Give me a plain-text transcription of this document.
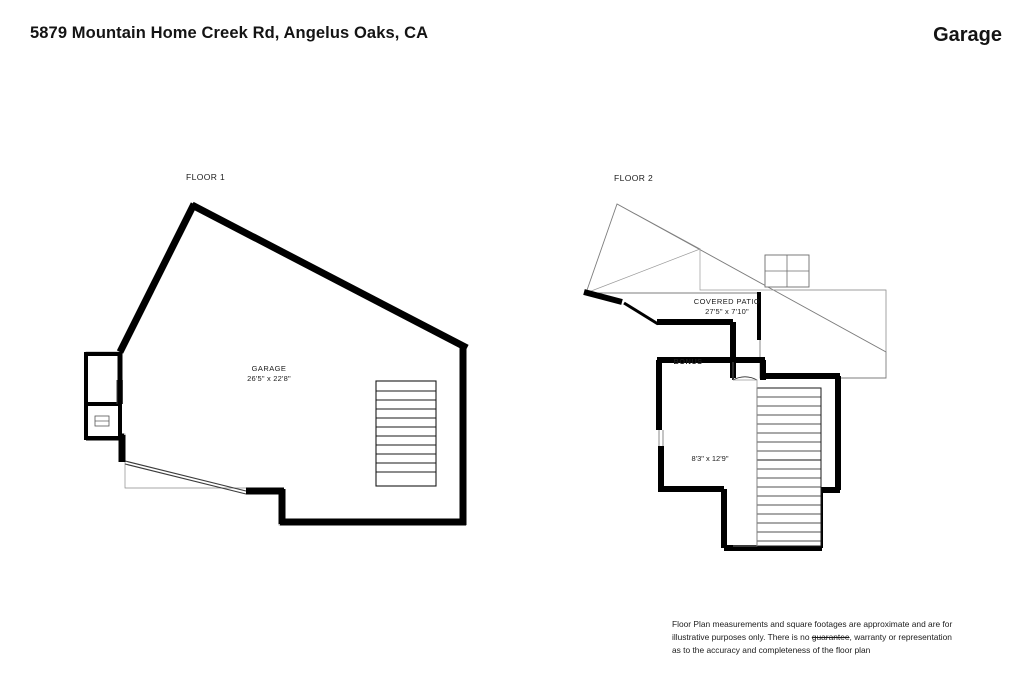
5879 Mountain Home Creek Rd, Angelus Oaks, CA	Garage
FLOOR 1	FLOOR 2
GARAGE
26'5" x 22'8"
COVERED PATIO
27'5" x 7'10"
BONUS
8'3" x 12'9"
Floor Plan measurements and square footages are approximate and are for
illustrative purposes only. There is no guarantee, warranty or representation
as to the accuracy and completeness of the floor plan
